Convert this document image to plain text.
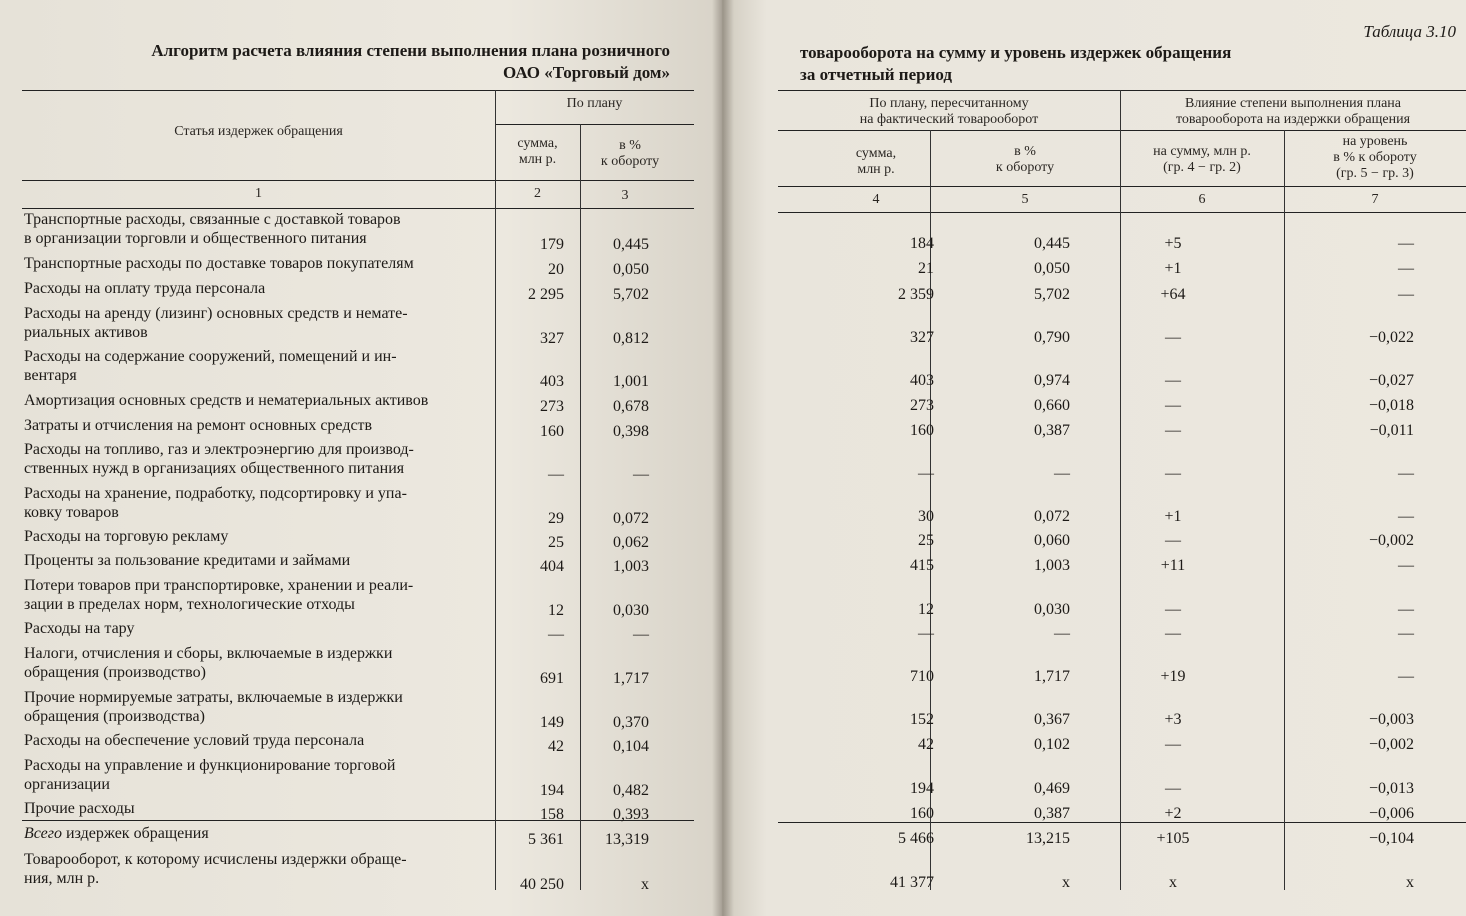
Алгоритм расчета влияния степени выполнения плана розничного
ОАО «Торговый дом»
Статья издержек обращения
По плану
сумма,
млн р.
в %
к обороту
1	2	3
Транспортные расходы, связанные с доставкой товаров
в организации торговли и общественного питания	179	0,445
Транспортные расходы по доставке товаров покупателям	20	0,050
Расходы на оплату труда персонала	2 295	5,702
Расходы на аренду (лизинг) основных средств и немате-
риальных активов	327	0,812
Расходы на содержание сооружений, помещений и ин-
вентаря	403	1,001
Амортизация основных средств и нематериальных активов	273	0,678
Затраты и отчисления на ремонт основных средств	160	0,398
Расходы на топливо, газ и электроэнергию для производ-
ственных нужд в организациях общественного питания	—	—
Расходы на хранение, подработку, подсортировку и упа-
ковку товаров	29	0,072
Расходы на торговую рекламу	25	0,062
Проценты за пользование кредитами и займами	404	1,003
Потери товаров при транспортировке, хранении и реали-
зации в пределах норм, технологические отходы	12	0,030
Расходы на тару	—	—
Налоги, отчисления и сборы, включаемые в издержки
обращения (производство)	691	1,717
Прочие нормируемые затраты, включаемые в издержки
обращения (производства)	149	0,370
Расходы на обеспечение условий труда персонала	42	0,104
Расходы на управление и функционирование торговой
организации	194	0,482
Прочие расходы	158	0,393
Всего издержек обращения	5 361	13,319
Товарооборот, к которому исчислены издержки обраще-
ния, млн р.	40 250	x
Таблица 3.10
товарооборота на сумму и уровень издержек обращения
за отчетный период
По плану, пересчитанному
на фактический товарооборот
Влияние степени выполнения плана
товарооборота на издержки обращения
сумма,
млн р.
в %
к обороту
на сумму, млн р.
(гр. 4 − гр. 2)
на уровень
в % к обороту
(гр. 5 − гр. 3)
4	5	6	7
184	0,445	+5	—
21	0,050	+1	—
2 359	5,702	+64	—
327	0,790	—	−0,022
403	0,974	—	−0,027
273	0,660	—	−0,018
160	0,387	—	−0,011
—	—	—	—
30	0,072	+1	—
25	0,060	—	−0,002
415	1,003	+11	—
12	0,030	—	—
—	—	—	—
710	1,717	+19	—
152	0,367	+3	−0,003
42	0,102	—	−0,002
194	0,469	—	−0,013
160	0,387	+2	−0,006
5 466	13,215	+105	−0,104
41 377	x	x	x
